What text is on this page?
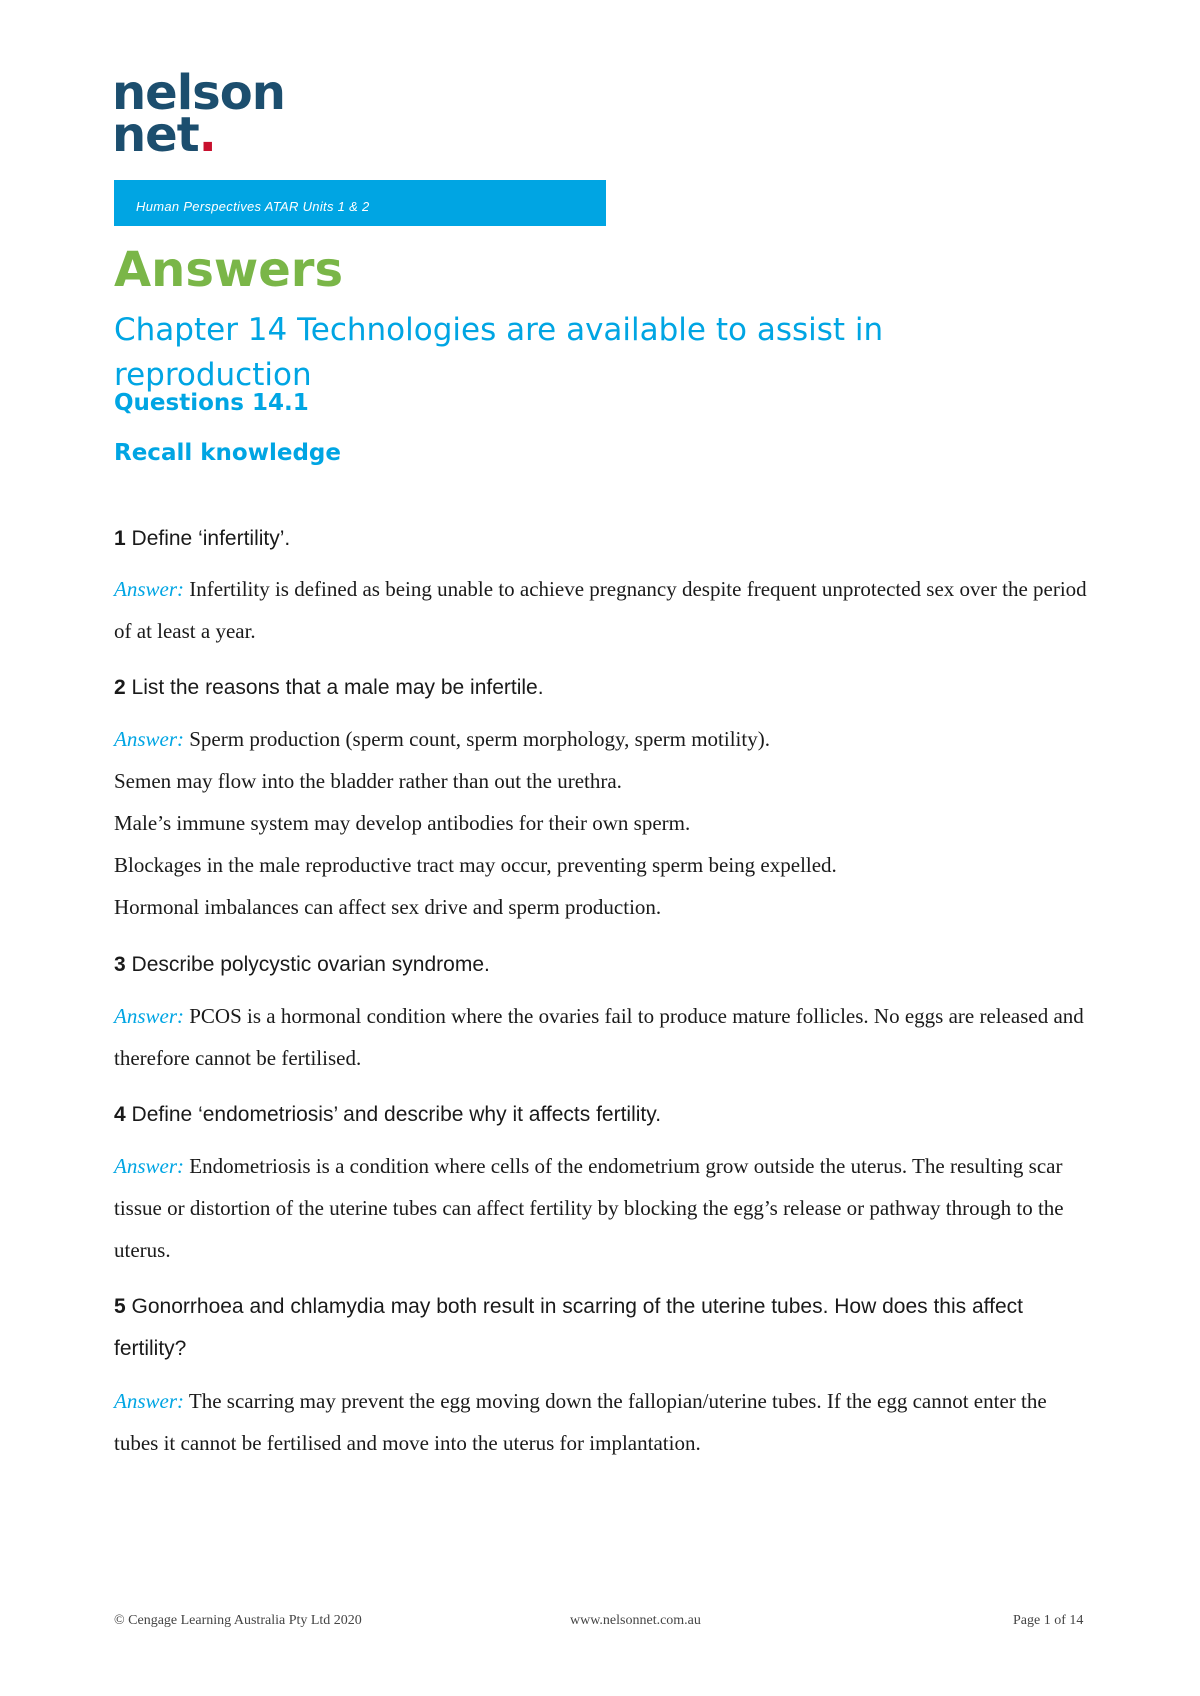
nelson
net.
Human Perspectives ATAR Units 1 & 2
Answers
Chapter 14 Technologies are available to assist in reproduction
Questions 14.1
Recall knowledge
1 Define ‘infertility’.

Answer: Infertility is defined as being unable to achieve pregnancy despite frequent unprotected sex over the period of at least a year.

2 List the reasons that a male may be infertile.

Answer: Sperm production (sperm count, sperm morphology, sperm motility).

Semen may flow into the bladder rather than out the urethra.

Male’s immune system may develop antibodies for their own sperm.

Blockages in the male reproductive tract may occur, preventing sperm being expelled.

Hormonal imbalances can affect sex drive and sperm production.

3 Describe polycystic ovarian syndrome.

Answer: PCOS is a hormonal condition where the ovaries fail to produce mature follicles. No eggs are released and therefore cannot be fertilised.

4 Define ‘endometriosis’ and describe why it affects fertility.

Answer: Endometriosis is a condition where cells of the endometrium grow outside the uterus. The resulting scar tissue or distortion of the uterine tubes can affect fertility by blocking the egg’s release or pathway through to the uterus.

5 Gonorrhoea and chlamydia may both result in scarring of the uterine tubes. How does this affect fertility?

Answer: The scarring may prevent the egg moving down the fallopian/uterine tubes. If the egg cannot enter the tubes it cannot be fertilised and move into the uterus for implantation.

© Cengage Learning Australia Pty Ltd 2020	www.nelsonnet.com.au	Page 1 of 14
